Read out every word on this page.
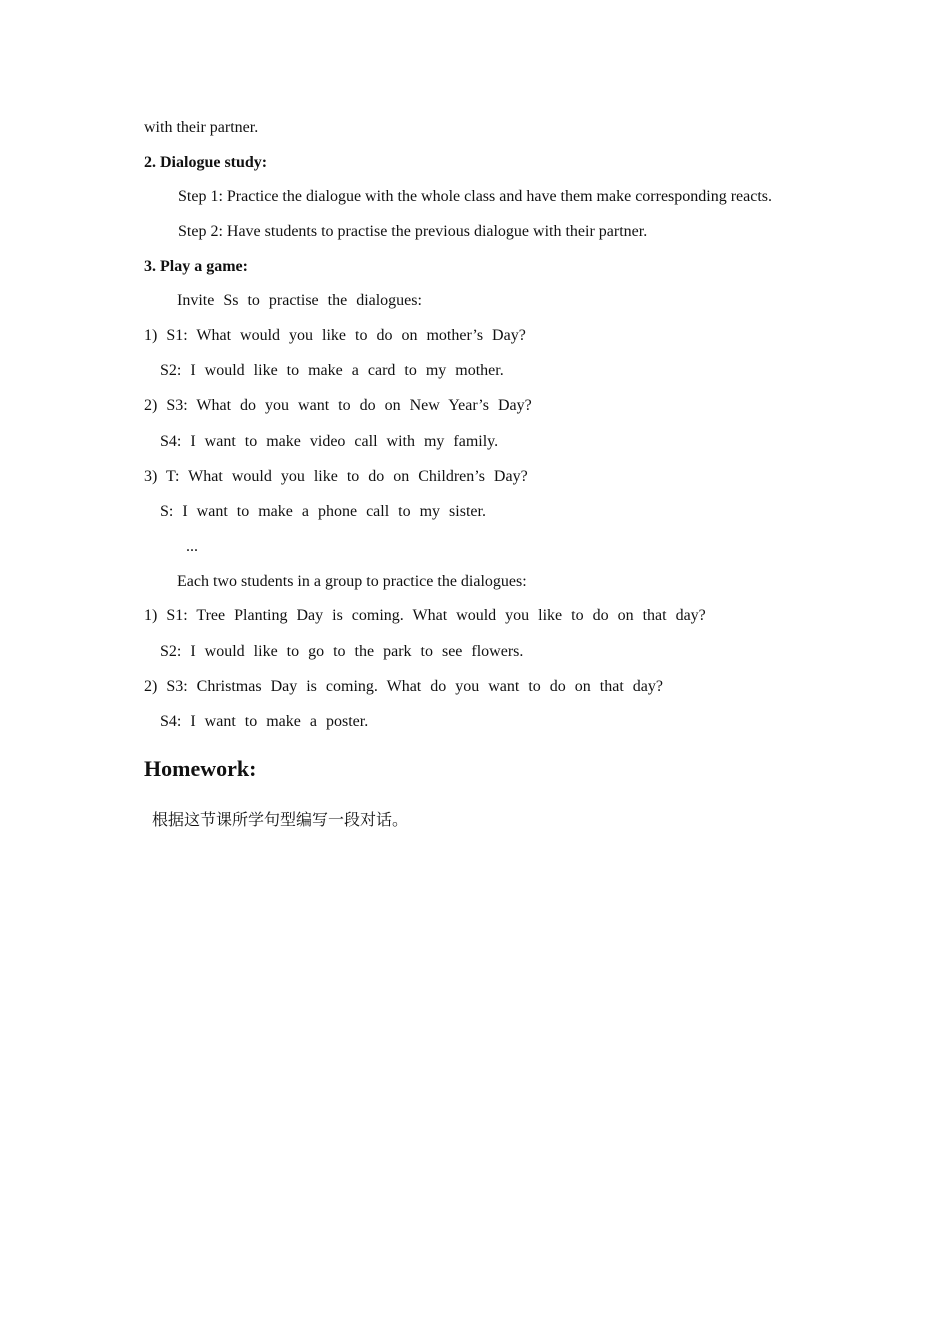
with their partner.
2. Dialogue study:
Step 1: Practice the dialogue with the whole class and have them make corresponding reacts.
Step 2: Have students to practise the previous dialogue with their partner.
3. Play a game:
Invite Ss to practise the dialogues:
1) S1: What would you like to do on mother’s Day?
S2: I would like to make a card to my mother.
2) S3: What do you want to do on New Year’s Day?
S4: I want to make video call with my family.
3) T: What would you like to do on Children’s Day?
S: I want to make a phone call to my sister.
...
Each two students in a group to practice the dialogues:
1) S1: Tree Planting Day is coming. What would you like to do on that day?
S2: I would like to go to the park to see flowers.
2) S3: Christmas Day is coming. What do you want to do on that day?
S4: I want to make a poster.
Homework:
根据这节课所学句型编写一段对话。
